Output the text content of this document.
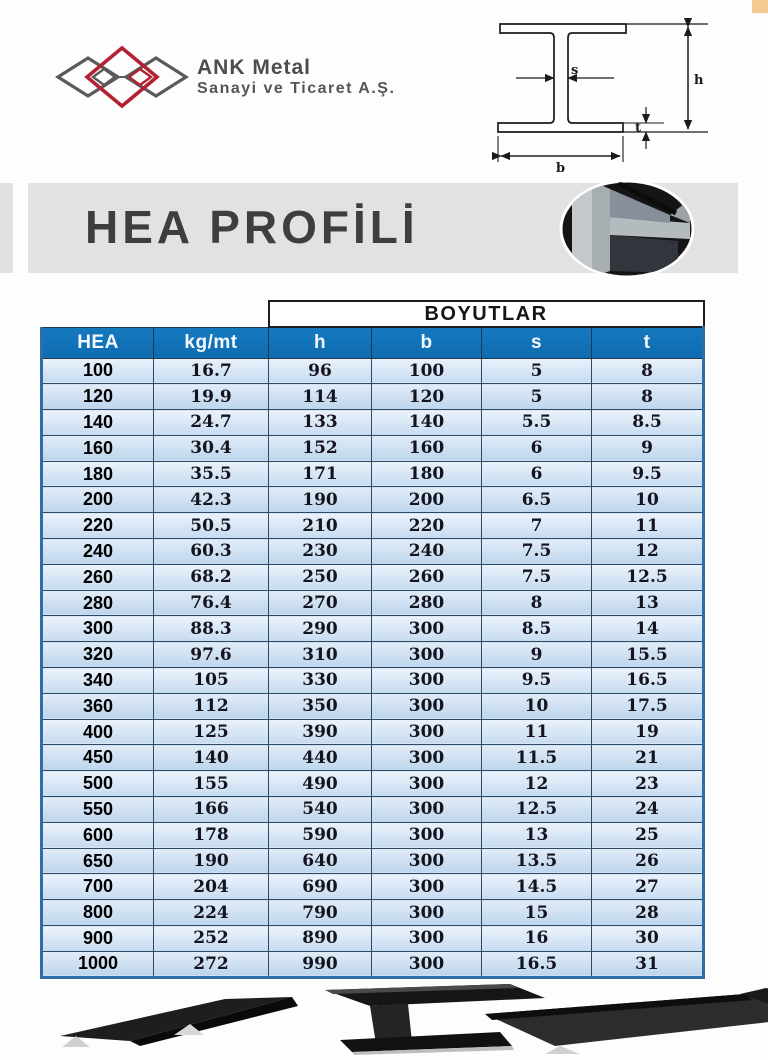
ANK Metal
Sanayi ve Ticaret A.Ş.	h
s
t
b
HEA PROFİLİ
		BOYUTLAR			
HEA	kg/mt	h	b	s	t
100	16.7	96	100	5	8
120	19.9	114	120	5	8
140	24.7	133	140	5.5	8.5
160	30.4	152	160	6	9
180	35.5	171	180	6	9.5
200	42.3	190	200	6.5	10
220	50.5	210	220	7	11
240	60.3	230	240	7.5	12
260	68.2	250	260	7.5	12.5
280	76.4	270	280	8	13
300	88.3	290	300	8.5	14
320	97.6	310	300	9	15.5
340	105	330	300	9.5	16.5
360	112	350	300	10	17.5
400	125	390	300	11	19
450	140	440	300	11.5	21
500	155	490	300	12	23
550	166	540	300	12.5	24
600	178	590	300	13	25
650	190	640	300	13.5	26
700	204	690	300	14.5	27
800	224	790	300	15	28
900	252	890	300	16	30
1000	272	990	300	16.5	31
